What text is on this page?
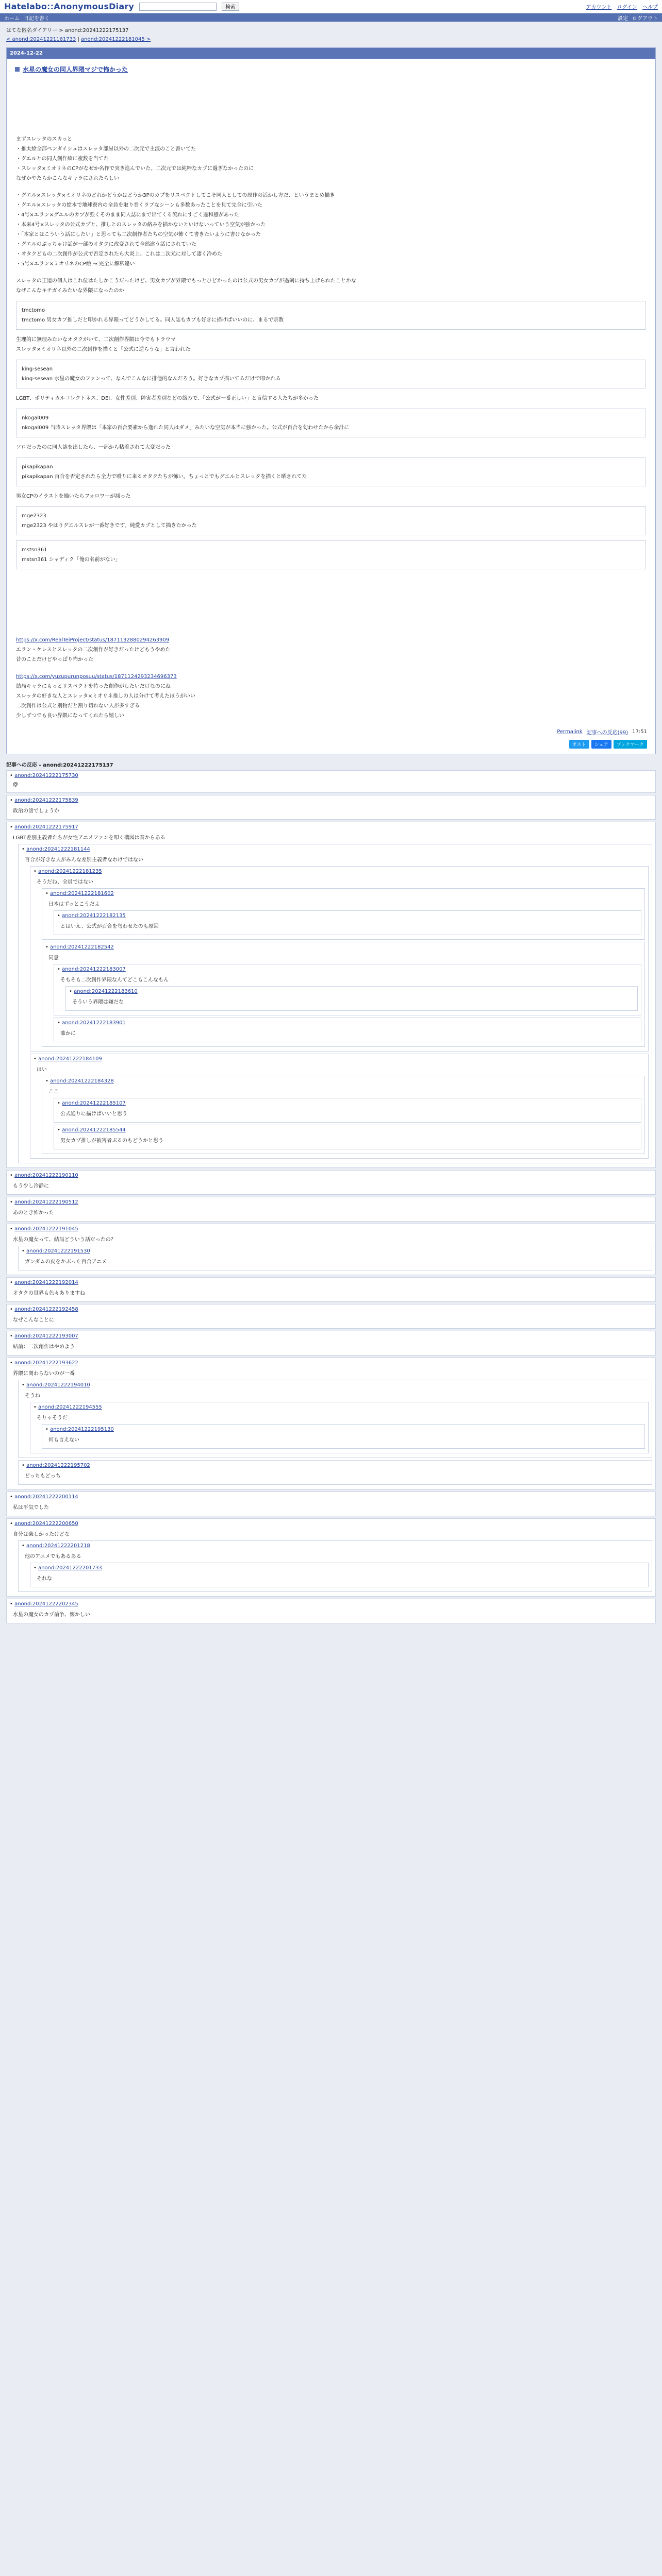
Hatelabo::AnonymousDiary	検索	アカウント ログイン ヘルプ
ホーム 日記を書く	設定 ログアウト
はてな匿名ダイアリー > anond:20241222175137
< anond:20241221161733 | anond:20241222181045 >
2024-12-22
水星の魔女の同人界隈マジで怖かった

まずスレッタのスカっと

・推太絵全部ベンダイシュはスレッタ部屋以外の二次元で主流のこと書いてた

・グエルとの同人創作絵に複数を当てた

・スレッタ×ミオリネのCPがなぜか名作で突き進んでいた。二次元では純粋なカプに過ぎなかったのに

なぜかやたらかこんなキャラにされたらしい

・グエル×スレッタ×ミオリネのどれかどうかはどうか3Pのカプをリスペクトしてこそ同人としての原作の活かし方だ、というまとめ描き

・グエル×スレッタの絵本で地球寮内の全員を取り巻くラブなシーンも多数あったことを見て完全に引いた

・4号×エラン×グエルのカプが強くそのまま同人誌にまで出てくる流れにすごく違和感があった

・本来4号×スレッタの公式カプと、推しとのスレッタの絡みを描かないといけないっていう空気が強かった

・「本家とはこういう話にしたい」と思っても二次創作者たちの空気が怖くて書きたいように書けなかった

・グエルのぶっちゃけ話が一部のオタクに改変されて全然違う話にされていた

・オタクどもの二次創作が公式で否定されたら大炎上。これは二次元に対して凄く冷めた

・5号×エラン×ミオリネのCP絵 → 完全に解釈違い

スレッタの王道の個人はこれ位はたしかこうだったけど、男女カプが界隈でもっとひどかったのは公式の男女カプが過剰に持ち上げられたことかな

なぜこんなキチガイみたいな界隈になったのか

tmctomo

tmctomo 男女カプ推しだと叩かれる界隈ってどうかしてる。同人誌もカプも好きに描けばいいのに、まるで宗教

生理的に無理みたいなオタクがいて、二次創作界隈は今でもトラウマ

スレッタ×ミオリネ以外の二次創作を描くと「公式に逆らうな」と言われた

king-sesean

king-sesean 水星の魔女のファンって、なんでこんなに排他的なんだろう。好きなカプ描いてるだけで叩かれる

LGBT、ポリティカルコレクトネス、DEI、女性差別、障害者差別などの絡みで、「公式が一番正しい」と盲信する人たちが多かった

nkogal009

nkogal009 当時スレッタ界隈は「本家の百合要素から逸れた同人はダメ」みたいな空気が本当に強かった。公式が百合を匂わせたから余計に

ソロだったのに同人誌を出したら、一部から粘着されて大変だった

pikapikapan

pikapikapan 百合を否定されたら全力で殴りに来るオタクたちが怖い。ちょっとでもグエルとスレッタを描くと晒されてた

男女CPのイラストを描いたらフォロワーが減った

mge2323

mge2323 やはりグエルスレが一番好きです。純愛カプとして描きたかった

mstsn361

mstsn361 シャディク「俺の名前がない」

https://x.com/RealTeiProject/status/1871132880294263909

エラン・ケレスとスレッタの二次創作が好きだったけどもうやめた

昔のことだけどやっぱり怖かった

https://x.com/yuzupurunposuu/status/1871124293234696373

結局キャラにもっとリスペクトを持った創作がしたいだけなのにね

スレッタの好きな人とスレッタ×ミオリネ推しの人は分けて考えたほうがいい

二次創作は公式と別物だと割り切れない人が多すぎる

少しずつでも良い界隈になってくれたら嬉しい

Permalink 記事への反応(99) 17:51
ポスト	シェア	ブックマーク
記事への反応 - anond:20241222175137
• anond:20241222175730
@
• anond:20241222175839
政治の話でしょうか
• anond:20241222175917
LGBT差別主義者たちが女性アニメファンを叩く構図は昔からある
• anond:20241222181144
百合が好きな人がみんな差別主義者なわけではない
• anond:20241222181235
そうだね、全員ではない
• anond:20241222181602
日本はずっとこうだよ
• anond:20241222182135
とはいえ、公式が百合を匂わせたのも原因
• anond:20241222182542
同意
• anond:20241222183007
そもそも二次創作界隈なんてどこもこんなもん
• anond:20241222183610
そういう界隈は嫌だな
• anond:20241222183901
確かに
• anond:20241222184109
はい
• anond:20241222184328
ここ
• anond:20241222185107
公式通りに描けばいいと思う
• anond:20241222185544
男女カプ推しが被害者ぶるのもどうかと思う
• anond:20241222190110
もう少し冷静に
• anond:20241222190512
あのとき怖かった
• anond:20241222191045
水星の魔女って、結局どういう話だったの？
• anond:20241222191530
ガンダムの皮をかぶった百合アニメ
• anond:20241222192014
オタクの世界も色々ありますね
• anond:20241222192458
なぜこんなことに
• anond:20241222193007
結論：二次創作はやめよう
• anond:20241222193622
界隈に関わらないのが一番
• anond:20241222194010
そうね
• anond:20241222194555
そりゃそうだ
• anond:20241222195130
何も言えない
• anond:20241222195702
どっちもどっち
• anond:20241222200114
私は平気でした
• anond:20241222200650
自分は楽しかったけどな
• anond:20241222201218
他のアニメでもあるある
• anond:20241222201733
それな
• anond:20241222202345
水星の魔女のカプ論争、懐かしい
